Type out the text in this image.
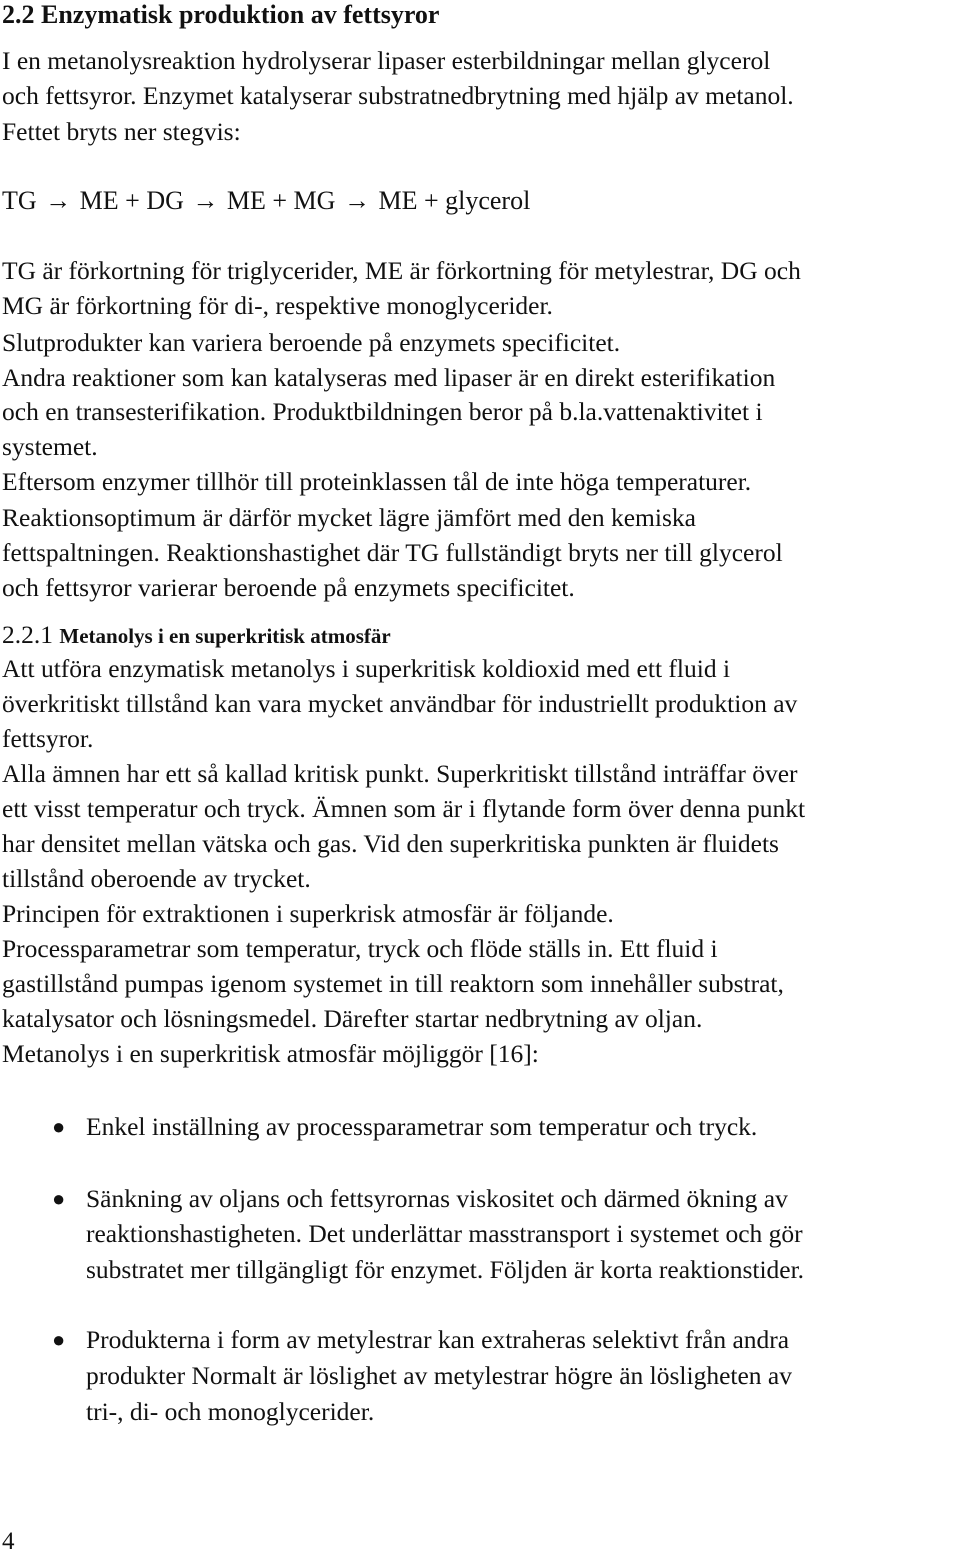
2.2 Enzymatisk produktion av fettsyror
I en metanolysreaktion hydrolyserar lipaser esterbildningar mellan glycerol
och fettsyror. Enzymet katalyserar substratnedbrytning med hjälp av metanol.
Fettet bryts ner stegvis:
TG → ME + DG → ME + MG → ME + glycerol
TG är förkortning för triglycerider, ME är förkortning för metylestrar, DG och
MG är förkortning för di-, respektive monoglycerider.
Slutprodukter kan variera beroende på enzymets specificitet.
Andra reaktioner som kan katalyseras med lipaser är en direkt esterifikation
och en transesterifikation. Produktbildningen beror på b.la.vattenaktivitet i
systemet.
Eftersom enzymer tillhör till proteinklassen tål de inte höga temperaturer.
Reaktionsoptimum är därför mycket lägre jämfört med den kemiska
fettspaltningen. Reaktionshastighet där TG fullständigt bryts ner till glycerol
och fettsyror varierar beroende på enzymets specificitet.
2.2.1 Metanolys i en superkritisk atmosfär
Att utföra enzymatisk metanolys i superkritisk koldioxid med ett fluid i
överkritiskt tillstånd kan vara mycket användbar för industriellt produktion av
fettsyror.
Alla ämnen har ett så kallad kritisk punkt. Superkritiskt tillstånd inträffar över
ett visst temperatur och tryck. Ämnen som är i flytande form över denna punkt
har densitet mellan vätska och gas. Vid den superkritiska punkten är fluidets
tillstånd oberoende av trycket.
Principen för extraktionen i superkrisk atmosfär är följande.
Processparametrar som temperatur, tryck och flöde ställs in. Ett fluid i
gastillstånd pumpas igenom systemet in till reaktorn som innehåller substrat,
katalysator och lösningsmedel. Därefter startar nedbrytning av oljan.
Metanolys i en superkritisk atmosfär möjliggör [16]:
● Enkel inställning av processparametrar som temperatur och tryck.
● Sänkning av oljans och fettsyrornas viskositet och därmed ökning av
reaktionshastigheten. Det underlättar masstransport i systemet och gör
substratet mer tillgängligt för enzymet. Följden är korta reaktionstider.
● Produkterna i form av metylestrar kan extraheras selektivt från andra
produkter Normalt är löslighet av metylestrar högre än lösligheten av
tri-, di- och monoglycerider.
4
